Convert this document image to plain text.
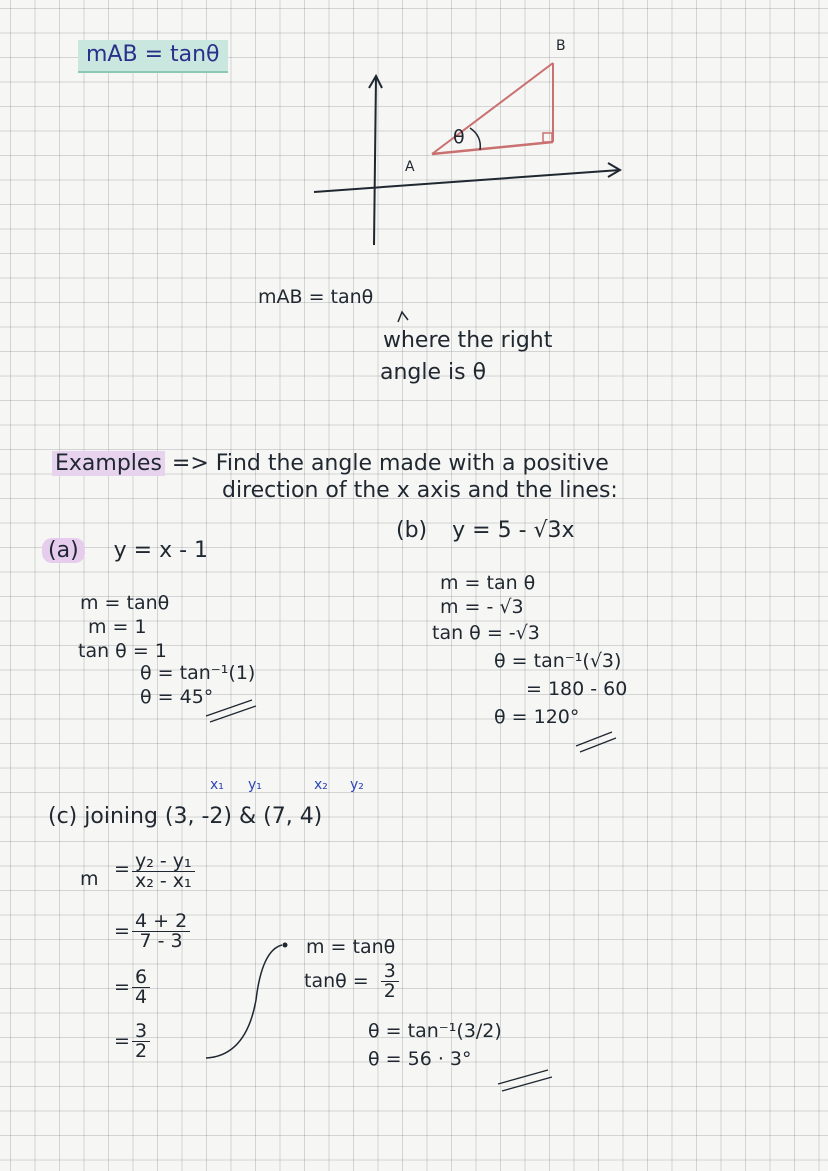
mAB = tanθ
θ
A
B
mAB = tanθ
where the right
angle is θ
Examples => Find the angle made with a positive
direction of the x axis and the lines:
(a) y = x - 1
m = tanθ
m = 1
tan θ = 1
θ = tan⁻¹(1)
θ = 45°
(b) y = 5 - √3x
m = tan θ
m = - √3
tan θ = -√3
θ = tan⁻¹(√3)
= 180 - 60
θ = 120°
x₁ y₁	x₂ y₂
(c) joining (3, -2) & (7, 4)
$m = \frac{\text{y₂ - y₁}}{\text{x₂ - x₁}}$
= $\frac{4 + 2}{7 - 3}$
= $\frac{6}{4}$
= $\frac{3}{2}$
m = tanθ
$\tan\theta = \frac{3}{2}$
θ = tan⁻¹(3/2)
θ = 56 · 3°
